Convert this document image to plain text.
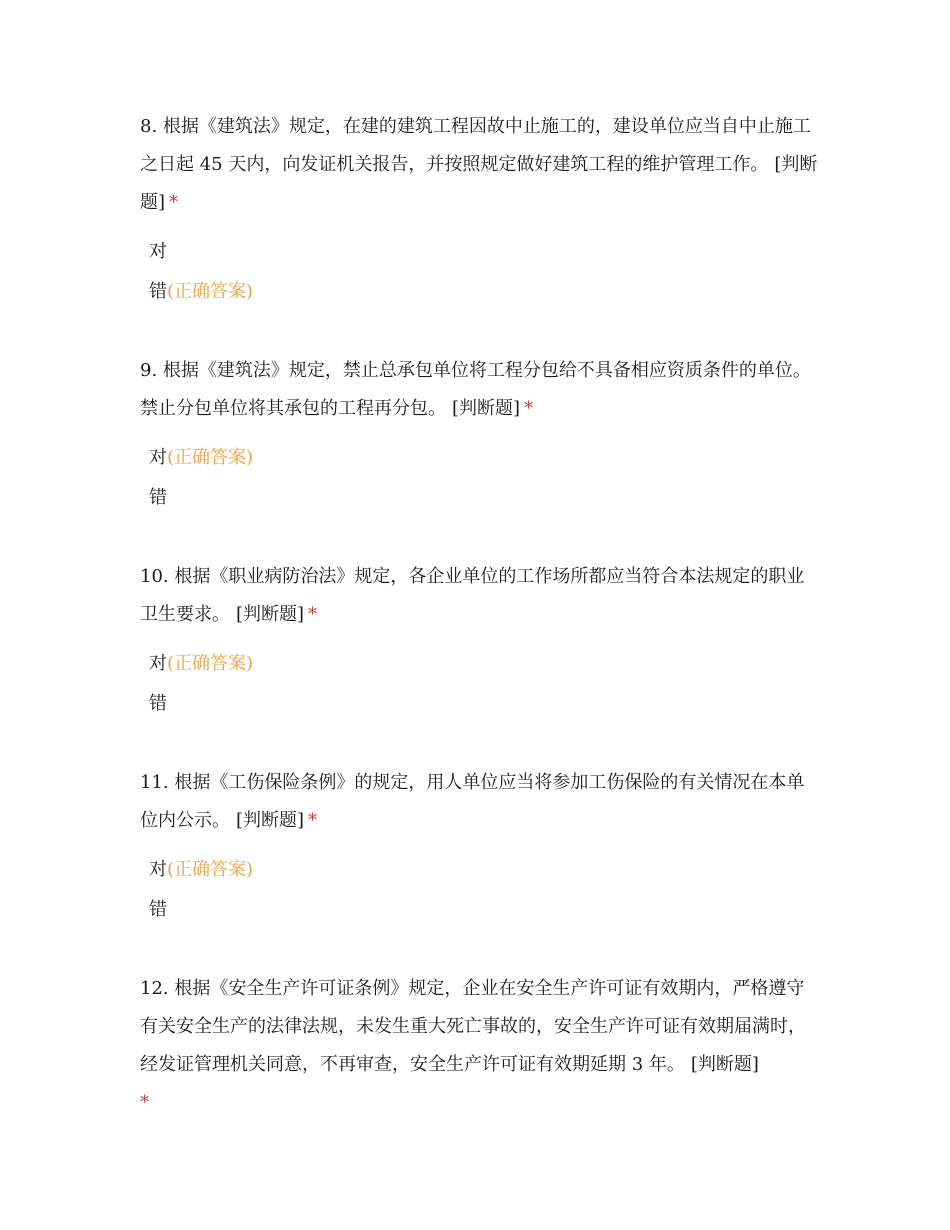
8. 根据《建筑法》规定，在建的建筑工程因故中止施工的，建设单位应当自中止施工之日起 45 天内，向发证机关报告，并按照规定做好建筑工程的维护管理工作。 [判断题] *

对
错(正确答案)

9. 根据《建筑法》规定，禁止总承包单位将工程分包给不具备相应资质条件的单位。禁止分包单位将其承包的工程再分包。 [判断题] *

对(正确答案)
错

10. 根据《职业病防治法》规定，各企业单位的工作场所都应当符合本法规定的职业卫生要求。 [判断题] *

对(正确答案)
错

11. 根据《工伤保险条例》的规定，用人单位应当将参加工伤保险的有关情况在本单位内公示。 [判断题] *

对(正确答案)
错

12. 根据《安全生产许可证条例》规定，企业在安全生产许可证有效期内，严格遵守有关安全生产的法律法规，未发生重大死亡事故的，安全生产许可证有效期届满时，经发证管理机关同意，不再审查，安全生产许可证有效期延期 3 年。 [判断题]
*
